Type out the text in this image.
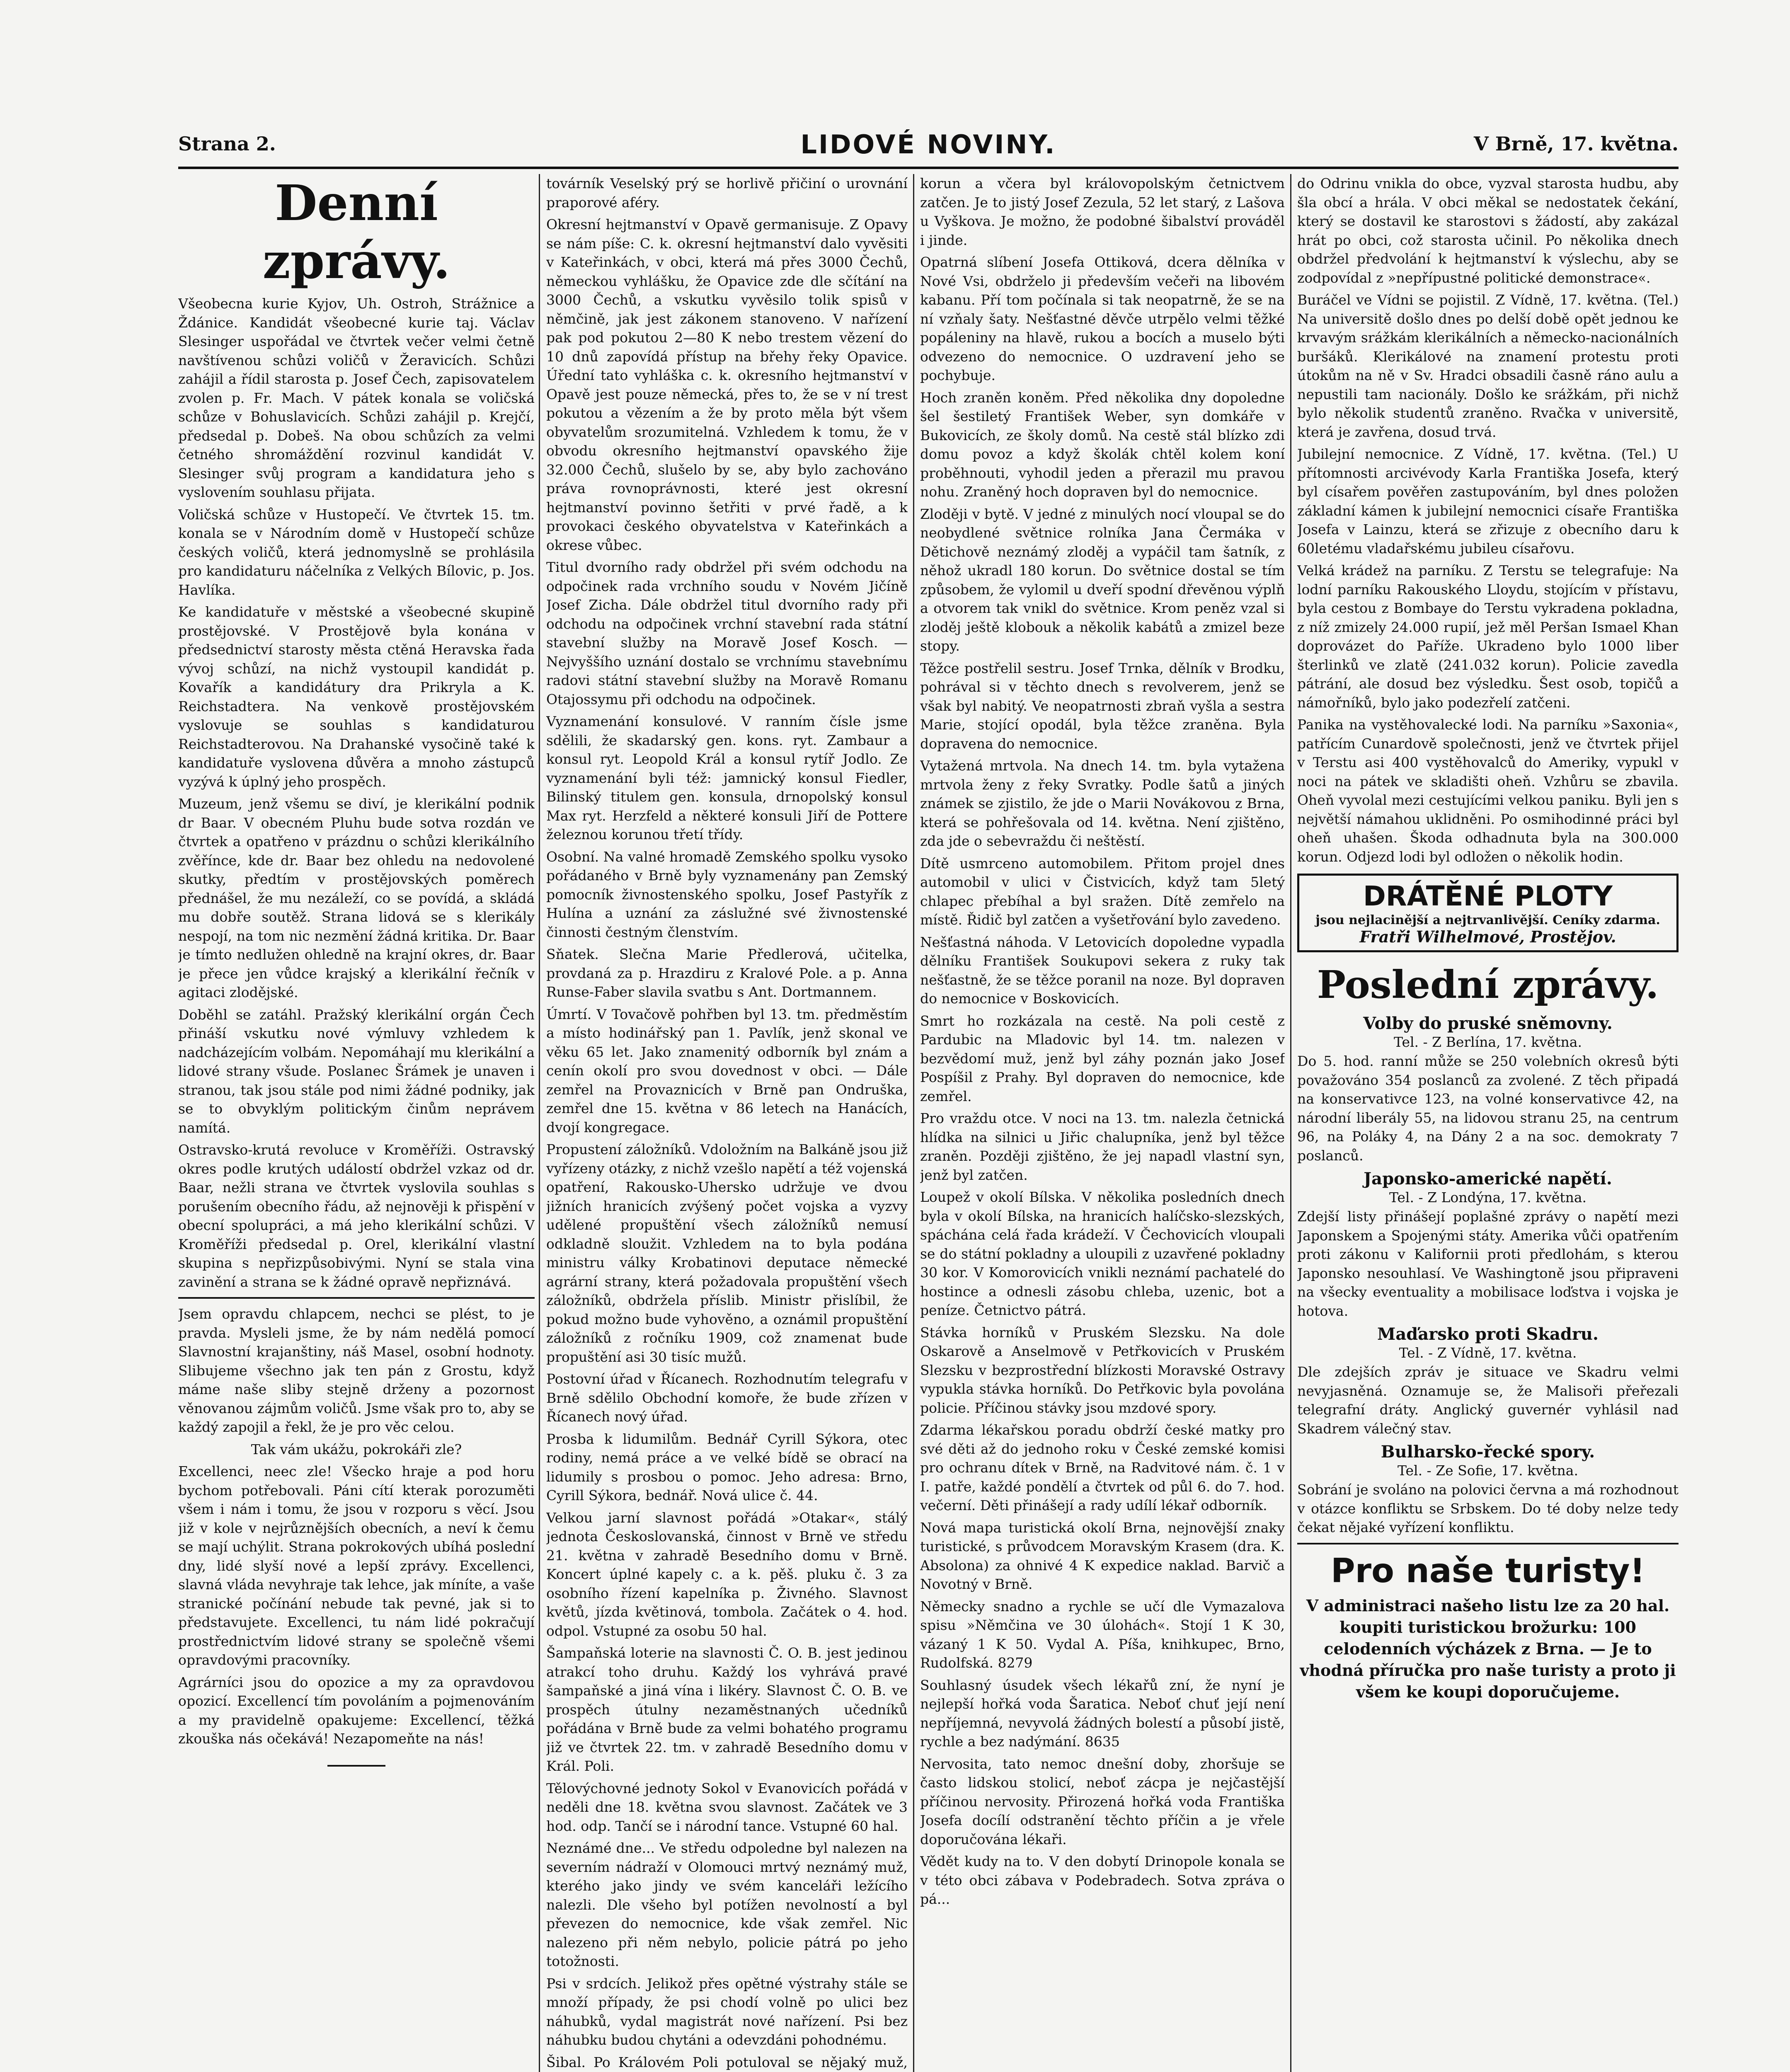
Strana 2.	LIDOVÉ NOVINY.	V Brně, 17. května.
Denní zprávy.

Všeobecna kurie Kyjov, Uh. Ostroh, Strážnice a Ždánice. Kandidát všeobecné kurie taj. Václav Slesinger uspořádal ve čtvrtek večer velmi četně navštívenou schůzi voličů v Žeravicích. Schůzi zahájil a řídil starosta p. Josef Čech, zapisovatelem zvolen p. Fr. Mach. V pátek konala se voličská schůze v Bohuslavicích. Schůzi zahájil p. Krejčí, předsedal p. Dobeš. Na obou schůzích za velmi četného shromáždění rozvinul kandidát V. Slesinger svůj program a kandidatura jeho s vyslovením souhlasu přijata.

Voličská schůze v Hustopečí. Ve čtvrtek 15. tm. konala se v Národním domě v Hustopečí schůze českých voličů, která jednomyslně se prohlásila pro kandidaturu náčelníka z Velkých Bílovic, p. Jos. Havlíka.

Ke kandidatuře v městské a všeobecné skupině prostějovské. V Prostějově byla konána v předsednictví starosty města ctěná Heravska řada vývoj schůzí, na nichž vystoupil kandidát p. Kovařík a kandidátury dra Prikryla a K. Reichstadtera. Na venkově prostějovském vyslovuje se souhlas s kandidaturou Reichstadterovou. Na Drahanské vysočině také k kandidatuře vyslovena důvěra a mnoho zástupců vyzývá k úplný jeho prospěch.

Muzeum, jenž všemu se diví, je klerikální podnik dr Baar. V obecném Pluhu bude sotva rozdán ve čtvrtek a opatřeno v prázdnu o schůzi klerikálního zvěřínce, kde dr. Baar bez ohledu na nedovolené skutky, předtím v prostějovských poměrech přednášel, že mu nezáleží, co se povídá, a skládá mu dobře soutěž. Strana lidová se s klerikály nespojí, na tom nic nezmění žádná kritika. Dr. Baar je tímto nedlužen ohledně na krajní okres, dr. Baar je přece jen vůdce krajský a klerikální řečník v agitaci zlodějské.

Doběhl se zatáhl. Pražský klerikální orgán Čech přináší vskutku nové výmluvy vzhledem k nadcházejícím volbám. Nepomáhají mu klerikální a lidové strany všude. Poslanec Šrámek je unaven i stranou, tak jsou stále pod nimi žádné podniky, jak se to obvyklým politickým činům neprávem namítá.

Ostravsko-krutá revoluce v Kroměříži. Ostravský okres podle krutých událostí obdržel vzkaz od dr. Baar, nežli strana ve čtvrtek vyslovila souhlas s porušením obecního řádu, až nejnověji k přispění v obecní spolupráci, a má jeho klerikální schůzi. V Kroměříži předsedal p. Orel, klerikální vlastní skupina s nepřizpůsobivými. Nyní se stala vina zavinění a strana se k žádné opravě nepřiznává.

Jsem opravdu chlapcem, nechci se plést, to je pravda. Mysleli jsme, že by nám nedělá pomocí Slavnostní krajanštiny, náš Masel, osobní hodnoty. Slibujeme všechno jak ten pán z Grostu, když máme naše sliby stejně drženy a pozornost věnovanou zájmům voličů. Jsme však pro to, aby se každý zapojil a řekl, že je pro věc celou.

Tak vám ukážu, pokrokáři zle?

Excellenci, neec zle! Všecko hraje a pod horu bychom potřebovali. Páni cítí kterak porozuměti všem i nám i tomu, že jsou v rozporu s věcí. Jsou již v kole v nejrůznějších obecních, a neví k čemu se mají uchýlit. Strana pokrokových ubíhá poslední dny, lidé slyší nové a lepší zprávy. Excellenci, slavná vláda nevyhraje tak lehce, jak míníte, a vaše stranické počínání nebude tak pevné, jak si to představujete. Excellenci, tu nám lidé pokračují prostřednictvím lidové strany se společně všemi opravdovými pracovníky.

Agrárníci jsou do opozice a my za opravdovou opozicí. Excellencí tím povoláním a pojmenováním a my pravidelně opakujeme: Excellencí, těžká zkouška nás očekává! Nezapomeňte na nás!

továrník Veselský prý se horlivě přičiní o urovnání praporové aféry.

Okresní hejtmanství v Opavě germanisuje. Z Opavy se nám píše: C. k. okresní hejtmanství dalo vyvěsiti v Kateřinkách, v obci, která má přes 3000 Čechů, německou vyhlášku, že Opavice zde dle sčítání na 3000 Čechů, a vskutku vyvěsilo tolik spisů v němčině, jak jest zákonem stanoveno. V nařízení pak pod pokutou 2—80 K nebo trestem vězení do 10 dnů zapovídá přístup na břehy řeky Opavice. Úřední tato vyhláška c. k. okresního hejtmanství v Opavě jest pouze německá, přes to, že se v ní trest pokutou a vězením a že by proto měla být všem obyvatelům srozumitelná. Vzhledem k tomu, že v obvodu okresního hejtmanství opavského žije 32.000 Čechů, slušelo by se, aby bylo zachováno práva rovnoprávnosti, které jest okresní hejtmanství povinno šetřiti v prvé řadě, a k provokaci českého obyvatelstva v Kateřinkách a okrese vůbec.

Titul dvorního rady obdržel při svém odchodu na odpočinek rada vrchního soudu v Novém Jičíně Josef Zicha. Dále obdržel titul dvorního rady při odchodu na odpočinek vrchní stavební rada státní stavební služby na Moravě Josef Kosch. — Nejvyššího uznání dostalo se vrchnímu stavebnímu radovi státní stavební služby na Moravě Romanu Otajossymu při odchodu na odpočinek.

Vyznamenání konsulové. V ranním čísle jsme sdělili, že skadarský gen. kons. ryt. Zambaur a konsul ryt. Leopold Král a konsul rytíř Jodlo. Ze vyznamenání byli též: jamnický konsul Fiedler, Bilinský titulem gen. konsula, drnopolský konsul Max ryt. Herzfeld a některé konsuli Jiří de Pottere železnou korunou třetí třídy.

Osobní. Na valné hromadě Zemského spolku vysoko pořádaného v Brně byly vyznamenány pan Zemský pomocník živnostenského spolku, Josef Pastyřík z Hulína a uznání za záslužné své živnostenské činnosti čestným členstvím.

Sňatek. Slečna Marie Předlerová, učitelka, provdaná za p. Hrazdiru z Kralové Pole. a p. Anna Runse-Faber slavila svatbu s Ant. Dortmannem.

Úmrtí. V Tovačově pohřben byl 13. tm. předměstím a místo hodinářský pan 1. Pavlík, jenž skonal ve věku 65 let. Jako znamenitý odborník byl znám a cenín okolí pro svou dovednost v obci. — Dále zemřel na Provaznicích v Brně pan Ondruška, zemřel dne 15. května v 86 letech na Hanácích, dvojí kongregace.

Propustení záložníků. Vdoložním na Balkáně jsou již vyřízeny otázky, z nichž vzešlo napětí a též vojenská opatření, Rakousko-Uhersko udržuje ve dvou jižních hranicích zvýšený počet vojska a vyzvy udělené propuštění všech záložníků nemusí odkladně sloužit. Vzhledem na to byla podána ministru války Krobatinovi deputace německé agrární strany, která požadovala propuštění všech záložníků, obdržela příslib. Ministr přislíbil, že pokud možno bude vyhověno, a oznámil propuštění záložníků z ročníku 1909, což znamenat bude propuštění asi 30 tisíc mužů.

Postovní úřad v Řícanech. Rozhodnutím telegrafu v Brně sdělilo Obchodní komoře, že bude zřízen v Řícanech nový úřad.

Prosba k lidumilům. Bednář Cyrill Sýkora, otec rodiny, nemá práce a ve velké bídě se obrací na lidumily s prosbou o pomoc. Jeho adresa: Brno, Cyrill Sýkora, bednář. Nová ulice č. 44.

Velkou jarní slavnost pořádá »Otakar«, stálý jednota Českoslovanská, činnost v Brně ve středu 21. května v zahradě Besedního domu v Brně. Koncert úplné kapely c. a k. pěš. pluku č. 3 za osobního řízení kapelníka p. Živného. Slavnost květů, jízda květinová, tombola. Začátek o 4. hod. odpol. Vstupné za osobu 50 hal.

Šampaňská loterie na slavnosti Č. O. B. jest jedinou atrakcí toho druhu. Každý los vyhrává pravé šampaňské a jiná vína i likéry. Slavnost Č. O. B. ve prospěch útulny nezaměstnaných učedníků pořádána v Brně bude za velmi bohatého programu již ve čtvrtek 22. tm. v zahradě Besedního domu v Král. Poli.

Tělovýchovné jednoty Sokol v Evanovicích pořádá v neděli dne 18. května svou slavnost. Začátek ve 3 hod. odp. Tančí se i národní tance. Vstupné 60 hal.

Neznámé dne... Ve středu odpoledne byl nalezen na severním nádraží v Olomouci mrtvý neznámý muž, kterého jako jindy ve svém kanceláři ležícího nalezli. Dle všeho byl potížen nevolností a byl převezen do nemocnice, kde však zemřel. Nic nalezeno při něm nebylo, policie pátrá po jeho totožnosti.

Psi v srdcích. Jelikož přes opětné výstrahy stále se množí případy, že psi chodí volně po ulici bez náhubků, vydal magistrát nové nařízení. Psi bez náhubku budou chytáni a odevzdáni pohodnému.

Šibal. Po Královém Poli potuloval se nějaký muž,

korun a včera byl královopolským četnictvem zatčen. Je to jistý Josef Zezula, 52 let starý, z Lašova u Vyškova. Je možno, že podobné šibalství prováděl i jinde.

Opatrná slíbení Josefa Ottiková, dcera dělníka v Nové Vsi, obdrželo ji především večeři na libovém kabanu. Pří tom počínala si tak neopatrně, že se na ní vzňaly šaty. Nešťastné děvče utrpělo velmi těžké popáleniny na hlavě, rukou a bocích a muselo býti odvezeno do nemocnice. O uzdravení jeho se pochybuje.

Hoch zraněn koněm. Před několika dny dopoledne šel šestiletý František Weber, syn domkáře v Bukovicích, ze školy domů. Na cestě stál blízko zdi domu povoz a když školák chtěl kolem koní proběhnouti, vyhodil jeden a přerazil mu pravou nohu. Zraněný hoch dopraven byl do nemocnice.

Zloději v bytě. V jedné z minulých nocí vloupal se do neobydlené světnice rolníka Jana Čermáka v Dětichově neznámý zloděj a vypáčil tam šatník, z něhož ukradl 180 korun. Do světnice dostal se tím způsobem, že vylomil u dveří spodní dřevěnou výplň a otvorem tak vnikl do světnice. Krom peněz vzal si zloděj ještě klobouk a několik kabátů a zmizel beze stopy.

Těžce postřelil sestru. Josef Trnka, dělník v Brodku, pohrával si v těchto dnech s revolverem, jenž se však byl nabitý. Ve neopatrnosti zbraň vyšla a sestra Marie, stojící opodál, byla těžce zraněna. Byla dopravena do nemocnice.

Vytažená mrtvola. Na dnech 14. tm. byla vytažena mrtvola ženy z řeky Svratky. Podle šatů a jiných známek se zjistilo, že jde o Marii Novákovou z Brna, která se pohřešovala od 14. května. Není zjištěno, zda jde o sebevraždu či neštěstí.

Dítě usmrceno automobilem. Přitom projel dnes automobil v ulici v Čistvicích, když tam 5letý chlapec přebíhal a byl sražen. Dítě zemřelo na místě. Řidič byl zatčen a vyšetřování bylo zavedeno.

Nešťastná náhoda. V Letovicích dopoledne vypadla dělníku František Soukupovi sekera z ruky tak nešťastně, že se těžce poranil na noze. Byl dopraven do nemocnice v Boskovicích.

Smrt ho rozkázala na cestě. Na poli cestě z Pardubic na Mladovic byl 14. tm. nalezen v bezvědomí muž, jenž byl záhy poznán jako Josef Pospíšil z Prahy. Byl dopraven do nemocnice, kde zemřel.

Pro vraždu otce. V noci na 13. tm. nalezla četnická hlídka na silnici u Jiřic chalupníka, jenž byl těžce zraněn. Později zjištěno, že jej napadl vlastní syn, jenž byl zatčen.

Loupež v okolí Bílska. V několika posledních dnech byla v okolí Bílska, na hranicích halíčsko-slezských, spáchána celá řada krádeží. V Čechovicích vloupali se do státní pokladny a uloupili z uzavřené pokladny 30 kor. V Komorovicích vnikli neznámí pachatelé do hostince a odnesli zásobu chleba, uzenic, bot a peníze. Četnictvo pátrá.

Stávka horníků v Pruském Slezsku. Na dole Oskarově a Anselmově v Petřkovicích v Pruském Slezsku v bezprostřední blízkosti Moravské Ostravy vypukla stávka horníků. Do Petřkovic byla povolána policie. Příčinou stávky jsou mzdové spory.

Zdarma lékařskou poradu obdrží české matky pro své děti až do jednoho roku v České zemské komisi pro ochranu dítek v Brně, na Radvitové nám. č. 1 v I. patře, každé pondělí a čtvrtek od půl 6. do 7. hod. večerní. Děti přinášejí a rady udílí lékař odborník.

Nová mapa turistická okolí Brna, nejnovější znaky turistické, s průvodcem Moravským Krasem (dra. K. Absolona) za ohnivé 4 K expedice naklad. Barvič a Novotný v Brně.

Německy snadno a rychle se učí dle Vymazalova spisu »Němčina ve 30 úlohách«. Stojí 1 K 30, vázaný 1 K 50. Vydal A. Píša, knihkupec, Brno, Rudolfská. 8279

Souhlasný úsudek všech lékařů zní, že nyní je nejlepší hořká voda Šaratica. Neboť chuť její není nepříjemná, nevyvolá žádných bolestí a působí jistě, rychle a bez nadýmání. 8635

Nervosita, tato nemoc dnešní doby, zhoršuje se často lidskou stolicí, neboť zácpa je nejčastější příčinou nervosity. Přirozená hořká voda Františka Josefa docílí odstranění těchto příčin a je vřele doporučována lékaři.

Vědět kudy na to. V den dobytí Drinopole konala se v této obci zábava v Podebradech. Sotva zpráva o pá...

do Odrinu vnikla do obce, vyzval starosta hudbu, aby šla obcí a hrála. V obci měkal se nedostatek čekání, který se dostavil ke starostovi s žádostí, aby zakázal hrát po obci, což starosta učinil. Po několika dnech obdržel předvolání k hejtmanství k výslechu, aby se zodpovídal z »nepřípustné politické demonstrace«.

Buráčel ve Vídni se pojistil. Z Vídně, 17. května. (Tel.) Na universitě došlo dnes po delší době opět jednou ke krvavým srážkám klerikálních a německo-nacionálních buršáků. Klerikálové na znamení protestu proti útokům na ně v Sv. Hradci obsadili časně ráno aulu a nepustili tam nacionály. Došlo ke srážkám, při nichž bylo několik studentů zraněno. Rvačka v universitě, která je zavřena, dosud trvá.

Jubilejní nemocnice. Z Vídně, 17. května. (Tel.) U přítomnosti arcivévody Karla Františka Josefa, který byl císařem pověřen zastupováním, byl dnes položen základní kámen k jubilejní nemocnici císaře Františka Josefa v Lainzu, která se zřizuje z obecního daru k 60letému vladařskému jubileu císařovu.

Velká krádež na parníku. Z Terstu se telegrafuje: Na lodní parníku Rakouského Lloydu, stojícím v přístavu, byla cestou z Bombaye do Terstu vykradena pokladna, z níž zmizely 24.000 rupií, jež měl Peršan Ismael Khan doprovázet do Paříže. Ukradeno bylo 1000 liber šterlinků ve zlatě (241.032 korun). Policie zavedla pátrání, ale dosud bez výsledku. Šest osob, topičů a námořníků, bylo jako podezřelí zatčeni.

Panika na vystěhovalecké lodi. Na parníku »Saxonia«, patřícím Cunardově společnosti, jenž ve čtvrtek přijel v Terstu asi 400 vystěhovalců do Ameriky, vypukl v noci na pátek ve skladišti oheň. Vzhůru se zbavila. Oheň vyvolal mezi cestujícími velkou paniku. Byli jen s největší námahou uklidněni. Po osmihodinné práci byl oheň uhašen. Škoda odhadnuta byla na 300.000 korun. Odjezd lodi byl odložen o několik hodin.

DRÁTĚNÉ PLOTY
jsou nejlacinější a nejtrvanlivější. Ceníky zdarma.
Fratři Wilhelmové, Prostějov.
Poslední zprávy.
Volby do pruské sněmovny.
Tel. - Z Berlína, 17. května.

Do 5. hod. ranní může se 250 volebních okresů býti považováno 354 poslanců za zvolené. Z těch připadá na konservativce 123, na volné konservativce 42, na národní liberály 55, na lidovou stranu 25, na centrum 96, na Poláky 4, na Dány 2 a na soc. demokraty 7 poslanců.

Japonsko-americké napětí.
Tel. - Z Londýna, 17. května.

Zdejší listy přinášejí poplašné zprávy o napětí mezi Japonskem a Spojenými státy. Amerika vůči opatřením proti zákonu v Kalifornii proti předlohám, s kterou Japonsko nesouhlasí. Ve Washingtoně jsou připraveni na všecky eventuality a mobilisace loďstva i vojska je hotova.

Maďarsko proti Skadru.
Tel. - Z Vídně, 17. května.

Dle zdejších zpráv je situace ve Skadru velmi nevyjasněná. Oznamuje se, že Malisoři přeřezali telegrafní dráty. Anglický guvernér vyhlásil nad Skadrem válečný stav.

Bulharsko-řecké spory.
Tel. - Ze Sofie, 17. května.

Sobrání je svoláno na polovici června a má rozhodnout v otázce konfliktu se Srbskem. Do té doby nelze tedy čekat nějaké vyřízení konfliktu.

Pro naše turisty!
V administraci našeho listu lze za 20 hal. koupiti turistickou brožurku: 100 celodenních výcházek z Brna. — Je to vhodná příručka pro naše turisty a proto ji všem ke koupi doporučujeme.
